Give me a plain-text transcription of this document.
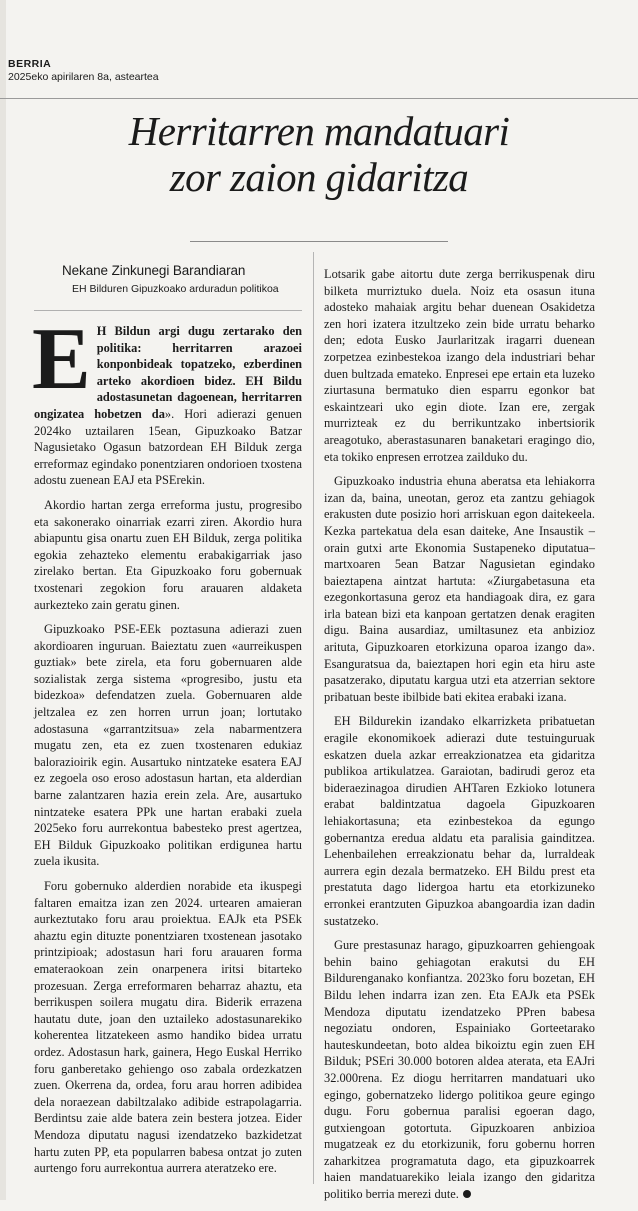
BERRIA
2025eko apirilaren 8a, asteartea
Herritarren mandatuari
zor zaion gidaritza
Nekane Zinkunegi Barandiaran
EH Bilduren Gipuzkoako arduradun politikoa

E H Bildun argi dugu zertarako den politika: herritarren arazoei konponbideak topatzeko, ezberdinen arteko akordioen bidez. EH Bildu adostasunetan dagoenean, herritarren ongizatea hobetzen da». Hori adierazi genuen 2024ko uztailaren 15ean, Gipuzkoako Batzar Nagusietako Ogasun batzordean EH Bilduk zerga erreformaz egindako ponentziaren ondorioen txostena adostu zuenean EAJ eta PSErekin.

Akordio hartan zerga erreforma justu, progresibo eta sakonerako oinarriak ezarri ziren. Akordio hura abiapuntu gisa onartu zuen EH Bilduk, zerga politika egokia zehazteko elementu erabakigarriak jaso zirelako bertan. Eta Gipuzkoako foru gobernuak txostenari zegokion foru arauaren aldaketa aurkezteko zain geratu ginen.

Gipuzkoako PSE-EEk poztasuna adierazi zuen akordioaren inguruan. Baieztatu zuen «aurreikuspen guztiak» bete zirela, eta foru gobernuaren alde sozialistak zerga sistema «progresibo, justu eta bidezkoa» defendatzen zuela. Gobernuaren alde jeltzalea ez zen horren urrun joan; lortutako adostasuna «garrantzitsua» zela nabarmentzera mugatu zen, eta ez zuen txostenaren edukiaz balorazioirik egin. Ausartuko nintzateke esatera EAJ ez zegoela oso eroso adostasun hartan, eta alderdian barne zalantzaren hazia erein zela. Are, ausartuko nintzateke esatera PPk une hartan erabaki zuela 2025eko foru aurrekontua babesteko prest agertzea, EH Bilduk Gipuzkoako politikan erdigunea hartu zuela ikusita.

Foru gobernuko alderdien norabide eta ikuspegi faltaren emaitza izan zen 2024. urtearen amaieran aurkeztutako foru arau proiektua. EAJk eta PSEk ahaztu egin dituzte ponentziaren txostenean jasotako printzipioak; adostasun hari foru arauaren forma emateraokoan zein onarpenera iritsi bitarteko prozesuan. Zerga erreformaren beharraz ahaztu, eta berrikuspen soilera mugatu dira. Biderik errazena hautatu dute, joan den uztaileko adostasunarekiko koherentea litzatekeen asmo handiko bidea urratu ordez. Adostasun hark, gainera, Hego Euskal Herriko foru ganberetako gehiengo oso zabala ordezkatzen zuen. Okerrena da, ordea, foru arau horren adibidea dela noraezean dabiltzalako adibide estrapolagarria. Berdintsu zaie alde batera zein bestera jotzea. Eider Mendoza diputatu nagusi izendatzeko bazkidetzat hartu zuten PP, eta popularren babesa ontzat jo zuten aurtengo foru aurrekontua aurrera ateratzeko ere.

Lotsarik gabe aitortu dute zerga berrikuspenak diru bilketa murriztuko duela. Noiz eta osasun ituna adosteko mahaiak argitu behar duenean Osakidetza zen hori izatera itzultzeko zein bide urratu beharko den; edota Eusko Jaurlaritzak iragarri duenean zorpetzea ezinbestekoa izango dela industriari behar duen bultzada emateko. Enpresei epe ertain eta luzeko ziurtasuna bermatuko dien esparru egonkor bat eskaintzeari uko egin diote. Izan ere, zergak murrizteak ez du berrikuntzako inbertsiorik areagotuko, aberastasunaren banaketari eragingo dio, eta tokiko enpresen errotzea zailduko du.

Gipuzkoako industria ehuna aberatsa eta lehiakorra izan da, baina, uneotan, geroz eta zantzu gehiagok erakusten dute posizio hori arriskuan egon daitekeela. Kezka partekatua dela esan daiteke, Ane Insaustik –orain gutxi arte Ekonomia Sustapeneko diputatua– martxoaren 5ean Batzar Nagusietan egindako baieztapena aintzat hartuta: «Ziurgabetasuna eta ezegonkortasuna geroz eta handiagoak dira, ez gara irla batean bizi eta kanpoan gertatzen denak eragiten digu. Baina ausardiaz, umiltasunez eta anbizioz arituta, Gipuzkoaren etorkizuna oparoa izango da». Esanguratsua da, baieztapen hori egin eta hiru aste pasatzerako, diputatu kargua utzi eta atzerrian sektore pribatuan beste ibilbide bati ekitea erabaki izana.

EH Bildurekin izandako elkarrizketa pribatuetan eragile ekonomikoek adierazi dute testuinguruak eskatzen duela azkar erreakzionatzea eta gidaritza publikoa artikulatzea. Garaiotan, badirudi geroz eta bideraezinagoa dirudien AHTaren Ezkioko lotunera erabat baldintzatua dagoela Gipuzkoaren lehiakortasuna; eta ezinbestekoa da egungo gobernantza eredua aldatu eta paralisia gainditzea. Lehenbailehen erreakzionatu behar da, lurraldeak aurrera egin dezala bermatzeko. EH Bildu prest eta prestatuta dago lidergoa hartu eta etorkizuneko erronkei erantzuten Gipuzkoa abangoardia izan dadin sustatzeko.

Gure prestasunaz harago, gipuzkoarren gehiengoak behin baino gehiagotan erakutsi du EH Bildurenganako konfiantza. 2023ko foru bozetan, EH Bildu lehen indarra izan zen. Eta EAJk eta PSEk Mendoza diputatu izendatzeko PPren babesa negoziatu ondoren, Espainiako Gorteetarako hauteskundeetan, boto aldea bikoiztu egin zuen EH Bilduk; PSEri 30.000 botoren aldea aterata, eta EAJri 32.000rena. Ez diogu herritarren mandatuari uko egingo, gobernatzeko lidergo politikoa geure egingo dugu. Foru gobernua paralisi egoeran dago, gutxiengoan gotortuta. Gipuzkoaren anbizioa mugatzeak ez du etorkizunik, foru gobernu horren zaharkitzea programatuta dago, eta gipuzkoarrek haien mandatuarekiko leiala izango den gidaritza politiko berria merezi dute.
